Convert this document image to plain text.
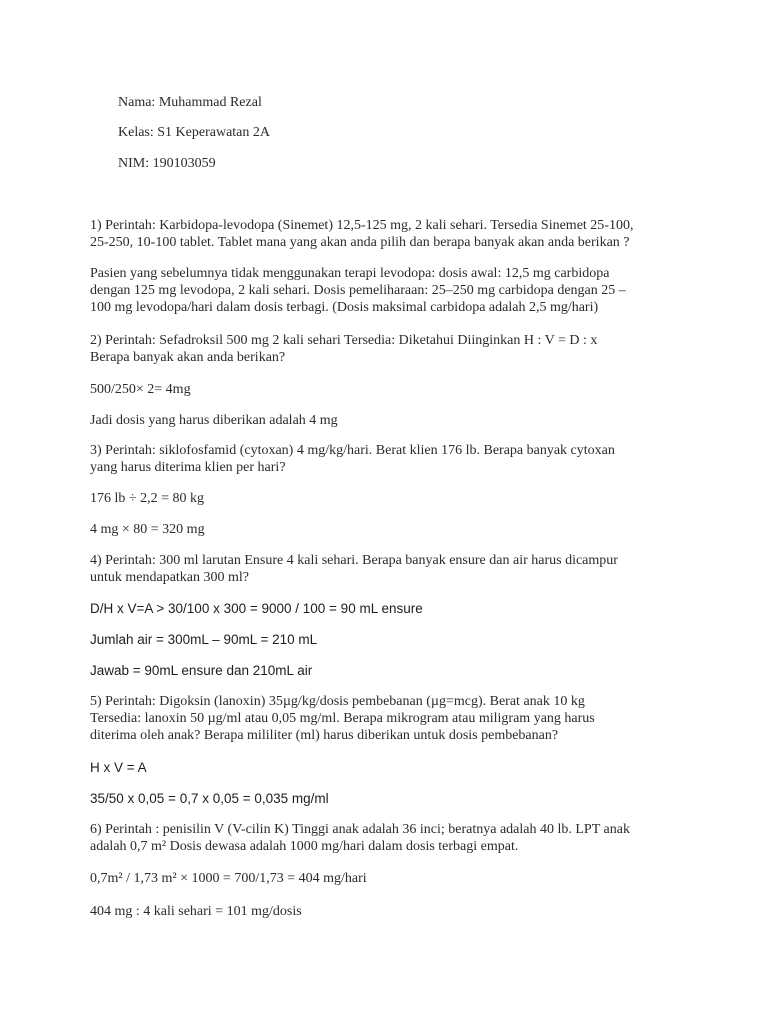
Nama: Muhammad Rezal

Kelas: S1 Keperawatan 2A

NIM: 190103059

1) Perintah: Karbidopa-levodopa (Sinemet) 12,5-125 mg, 2 kali sehari. Tersedia Sinemet 25-100,

25-250, 10-100 tablet. Tablet mana yang akan anda pilih dan berapa banyak akan anda berikan ?

Pasien yang sebelumnya tidak menggunakan terapi levodopa: dosis awal: 12,5 mg carbidopa

dengan 125 mg levodopa, 2 kali sehari. Dosis pemeliharaan: 25–250 mg carbidopa dengan 25 –

100 mg levodopa/hari dalam dosis terbagi. (Dosis maksimal carbidopa adalah 2,5 mg/hari)

2) Perintah: Sefadroksil 500 mg 2 kali sehari Tersedia: Diketahui Diinginkan H : V = D : x

Berapa banyak akan anda berikan?

500/250× 2= 4mg

Jadi dosis yang harus diberikan adalah 4 mg

3) Perintah: siklofosfamid (cytoxan) 4 mg/kg/hari. Berat klien 176 lb. Berapa banyak cytoxan

yang harus diterima klien per hari?

176 lb ÷ 2,2 = 80 kg

4 mg × 80 = 320 mg

4) Perintah: 300 ml larutan Ensure 4 kali sehari. Berapa banyak ensure dan air harus dicampur

untuk mendapatkan 300 ml?

D/H x V=A > 30/100 x 300 = 9000 / 100 = 90 mL ensure

Jumlah air = 300mL – 90mL = 210 mL

Jawab = 90mL ensure dan 210mL air

5) Perintah: Digoksin (lanoxin) 35µg/kg/dosis pembebanan (µg=mcg). Berat anak 10 kg

Tersedia: lanoxin 50 µg/ml atau 0,05 mg/ml. Berapa mikrogram atau miligram yang harus

diterima oleh anak? Berapa mililiter (ml) harus diberikan untuk dosis pembebanan?

H x V = A

35/50 x 0,05 = 0,7 x 0,05 = 0,035 mg/ml

6) Perintah : penisilin V (V-cilin K) Tinggi anak adalah 36 inci; beratnya adalah 40 lb. LPT anak

adalah 0,7 m² Dosis dewasa adalah 1000 mg/hari dalam dosis terbagi empat.

0,7m² / 1,73 m² × 1000 = 700/1,73 = 404 mg/hari

404 mg : 4 kali sehari = 101 mg/dosis
